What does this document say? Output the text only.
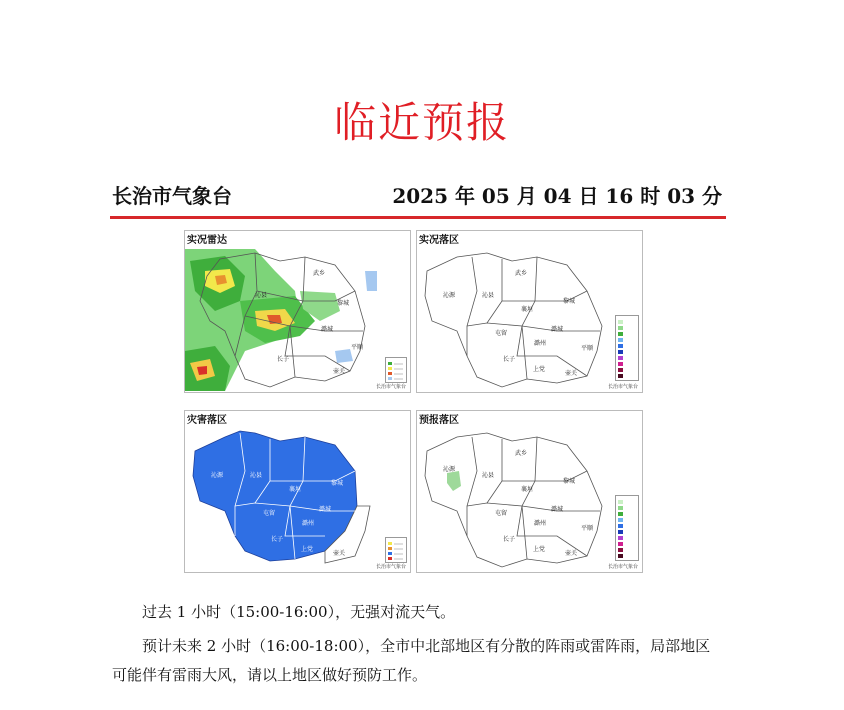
临近预报
长治市气象台	2025 年 05 月 04 日 16 时 03 分
武乡
沁县
黎城
潞城
平顺
长子
壶关
实况雷达
长治市气象台
武乡
沁源	沁县
襄垣
黎城
屯留
潞城
潞州
平顺
长子
上党
壶关
实况落区
长治市气象台
沁源	沁县
襄垣
黎城
屯留
潞城
潞州
长子
上党
壶关
灾害落区
长治市气象台
武乡
沁源
沁县
襄垣
黎城
屯留
潞城
潞州
平顺
长子
上党
壶关
预报落区
长治市气象台
过去 1 小时（15:00-16:00），无强对流天气。
预计未来 2 小时（16:00-18:00），全市中北部地区有分散的阵雨或雷阵雨，局部地区可能伴有雷雨大风，请以上地区做好预防工作。
